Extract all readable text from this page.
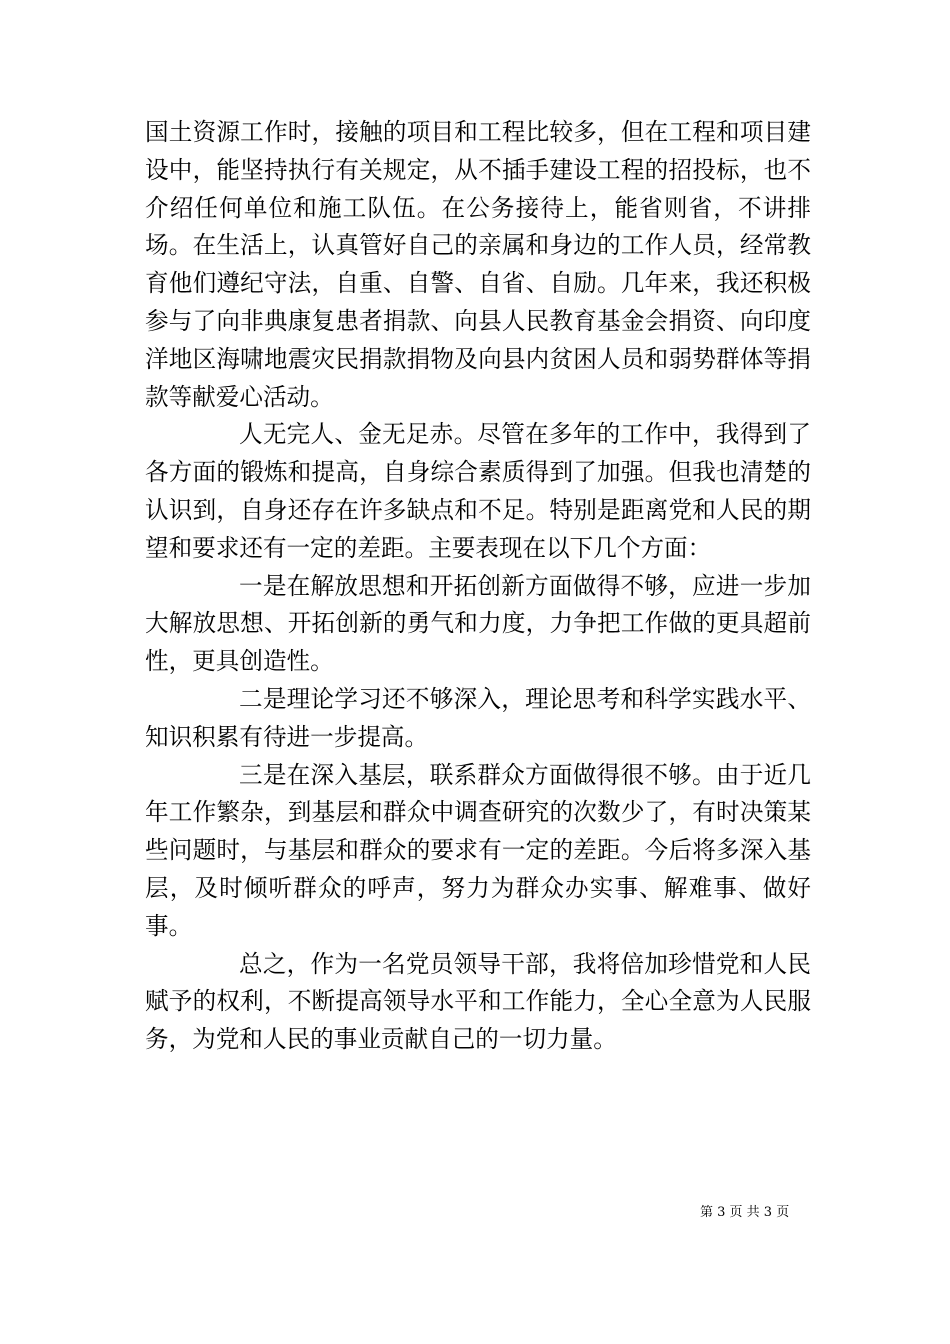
国土资源工作时，接触的项目和工程比较多，但在工程和项目建设中，能坚持执行有关规定，从不插手建设工程的招投标，也不介绍任何单位和施工队伍。在公务接待上，能省则省，不讲排场。在生活上，认真管好自己的亲属和身边的工作人员，经常教育他们遵纪守法，自重、自警、自省、自励。几年来，我还积极参与了向非典康复患者捐款、向县人民教育基金会捐资、向印度洋地区海啸地震灾民捐款捐物及向县内贫困人员和弱势群体等捐款等献爱心活动。

人无完人、金无足赤。尽管在多年的工作中，我得到了各方面的锻炼和提高，自身综合素质得到了加强。但我也清楚的认识到，自身还存在许多缺点和不足。特别是距离党和人民的期望和要求还有一定的差距。主要表现在以下几个方面：

一是在解放思想和开拓创新方面做得不够，应进一步加大解放思想、开拓创新的勇气和力度，力争把工作做的更具超前性，更具创造性。

二是理论学习还不够深入，理论思考和科学实践水平、知识积累有待进一步提高。

三是在深入基层，联系群众方面做得很不够。由于近几年工作繁杂，到基层和群众中调查研究的次数少了，有时决策某些问题时，与基层和群众的要求有一定的差距。今后将多深入基层，及时倾听群众的呼声，努力为群众办实事、解难事、做好事。

总之，作为一名党员领导干部，我将倍加珍惜党和人民赋予的权利，不断提高领导水平和工作能力，全心全意为人民服务，为党和人民的事业贡献自己的一切力量。

第 3 页 共 3 页
